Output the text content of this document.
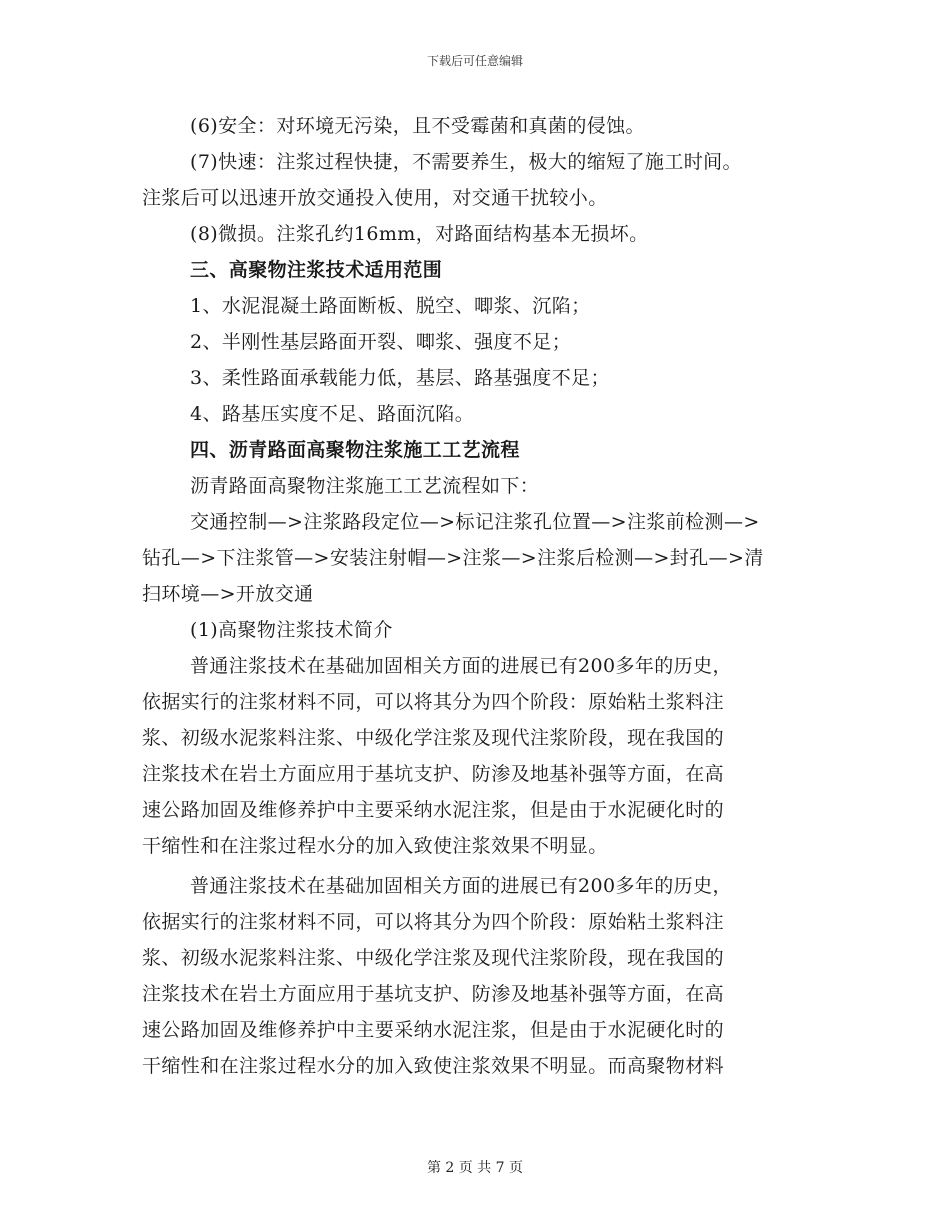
下载后可任意编辑
(6)安全：对环境无污染，且不受霉菌和真菌的侵蚀。
(7)快速：注浆过程快捷，不需要养生，极大的缩短了施工时间。
注浆后可以迅速开放交通投入使用，对交通干扰较小。
(8)微损。注浆孔约16mm，对路面结构基本无损坏。
三、高聚物注浆技术适用范围
1、水泥混凝土路面断板、脱空、唧浆、沉陷；
2、半刚性基层路面开裂、唧浆、强度不足；
3、柔性路面承载能力低，基层、路基强度不足；
4、路基压实度不足、路面沉陷。
四、沥青路面高聚物注浆施工工艺流程
沥青路面高聚物注浆施工工艺流程如下：
交通控制—>注浆路段定位—>标记注浆孔位置—>注浆前检测—>
钻孔—>下注浆管—>安装注射帽—>注浆—>注浆后检测—>封孔—>清
扫环境—>开放交通
(1)高聚物注浆技术简介
普通注浆技术在基础加固相关方面的进展已有200多年的历史，
依据实行的注浆材料不同，可以将其分为四个阶段：原始粘土浆料注
浆、初级水泥浆料注浆、中级化学注浆及现代注浆阶段，现在我国的
注浆技术在岩土方面应用于基坑支护、防渗及地基补强等方面，在高
速公路加固及维修养护中主要采纳水泥注浆，但是由于水泥硬化时的
干缩性和在注浆过程水分的加入致使注浆效果不明显。
普通注浆技术在基础加固相关方面的进展已有200多年的历史，
依据实行的注浆材料不同，可以将其分为四个阶段：原始粘土浆料注
浆、初级水泥浆料注浆、中级化学注浆及现代注浆阶段，现在我国的
注浆技术在岩土方面应用于基坑支护、防渗及地基补强等方面，在高
速公路加固及维修养护中主要采纳水泥注浆，但是由于水泥硬化时的
干缩性和在注浆过程水分的加入致使注浆效果不明显。而高聚物材料
第 2 页 共 7 页
